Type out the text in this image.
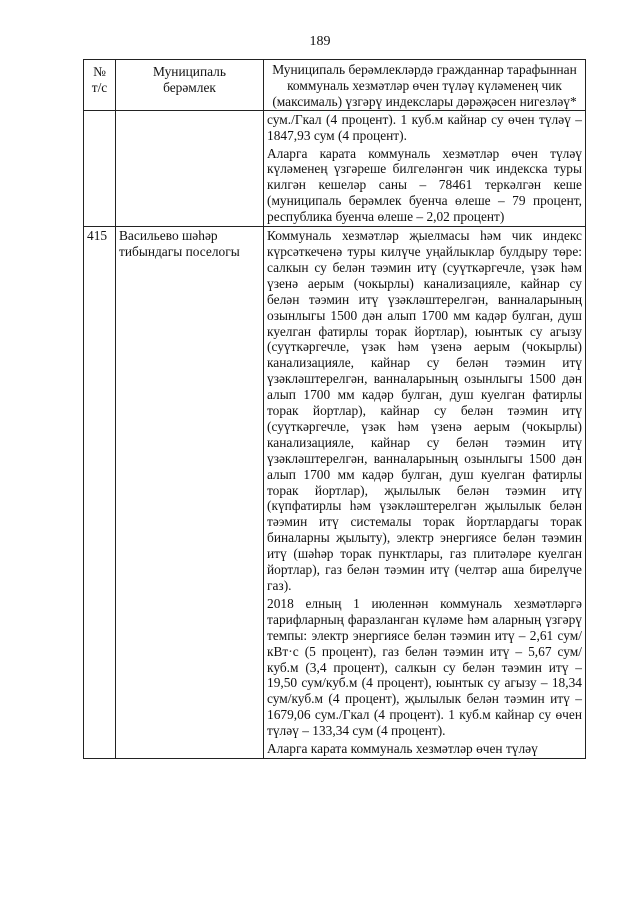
189
№ т/с	Муниципаль берәмлек	Муниципаль берәмлекләрдә гражданнар тарафыннан коммуналь хезмәтләр өчен түләү күләменең чик (максималь) үзгәрү индекслары дәрәҗәсен нигезләү*

		сум./Гкал (4 процент). 1 куб.м кайнар су өчен түләү – 1847,93 сум (4 процент).

Аларга карата коммуналь хезмәтләр өчен түләү күләменең үзгәреше билгеләнгән чик индекска туры килгән кешеләр саны – 78461 теркәлгән кеше (муниципаль берәмлек буенча өлеше – 79 процент, республика буенча өлеше – 2,02 процент)

415	Васильево шәһәр тибындагы поселогы	Коммуналь хезмәтләр җыелмасы һәм чик индекс күрсәткеченә туры килүче уңайлыклар булдыру төре: салкын су белән тәэмин итү (суүткәргечле, үзәк һәм үзенә аерым (чокырлы) канализацияле, кайнар су белән тәэмин итү үзәкләштерелгән, ванналарының озынлыгы 1500 дән алып 1700 мм кадәр булган, душ куелган фатирлы торак йортлар), юынтык су агызу (суүткәргечле, үзәк һәм үзенә аерым (чокырлы) канализацияле, кайнар су белән тәэмин итү үзәкләштерелгән, ванналарының озынлыгы 1500 дән алып 1700 мм кадәр булган, душ куелган фатирлы торак йортлар), кайнар су белән тәэмин итү (суүткәргечле, үзәк һәм үзенә аерым (чокырлы) канализацияле, кайнар су белән тәэмин итү үзәкләштерелгән, ванналарының озынлыгы 1500 дән алып 1700 мм кадәр булган, душ куелган фатирлы торак йортлар), җылылык белән тәэмин итү (күпфатирлы һәм үзәкләштерелгән җылылык белән тәэмин итү системалы торак йортлардагы торак биналарны җылыту), электр энергиясе белән тәэмин итү (шәһәр торак пунктлары, газ плитәләре куелган йортлар), газ белән тәэмин итү (челтәр аша бирелүче газ).

2018 елның 1 июленнән коммуналь хезмәтләргә тарифларның фаразланган күләме һәм аларның үзгәрү темпы: электр энергиясе белән тәэмин итү – 2,61 сум/кВт·с (5 процент), газ белән тәэмин итү – 5,67 сум/куб.м (3,4 процент), салкын су белән тәэмин итү – 19,50 сум/куб.м (4 процент), юынтык су агызу – 18,34 сум/куб.м (4 процент), җылылык белән тәэмин итү – 1679,06 сум./Гкал (4 процент). 1 куб.м кайнар су өчен түләү – 133,34 сум (4 процент).

Аларга карата коммуналь хезмәтләр өчен түләү
